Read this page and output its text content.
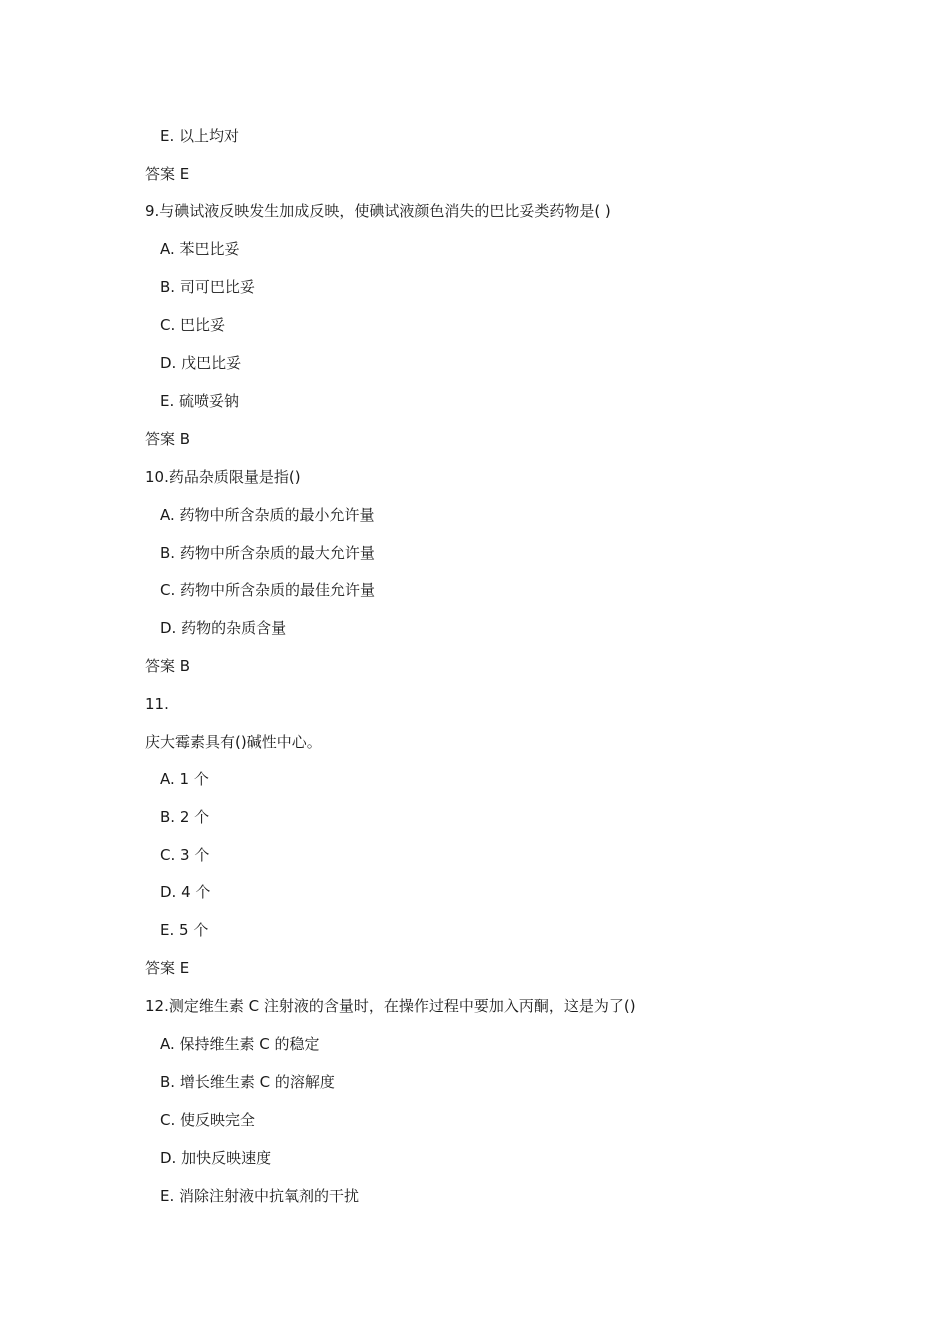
E. 以上均对
答案 E
9.与碘试液反映发生加成反映，使碘试液颜色消失的巴比妥类药物是( )
A. 苯巴比妥
B. 司可巴比妥
C. 巴比妥
D. 戊巴比妥
E. 硫喷妥钠
答案 B
10.药品杂质限量是指()
A. 药物中所含杂质的最小允许量
B. 药物中所含杂质的最大允许量
C. 药物中所含杂质的最佳允许量
D. 药物的杂质含量
答案 B
11.
庆大霉素具有()碱性中心。
A. 1 个
B. 2 个
C. 3 个
D. 4 个
E. 5 个
答案 E
12.测定维生素 C 注射液的含量时，在操作过程中要加入丙酮，这是为了()
A. 保持维生素 C 的稳定
B. 增长维生素 C 的溶解度
C. 使反映完全
D. 加快反映速度
E. 消除注射液中抗氧剂的干扰
